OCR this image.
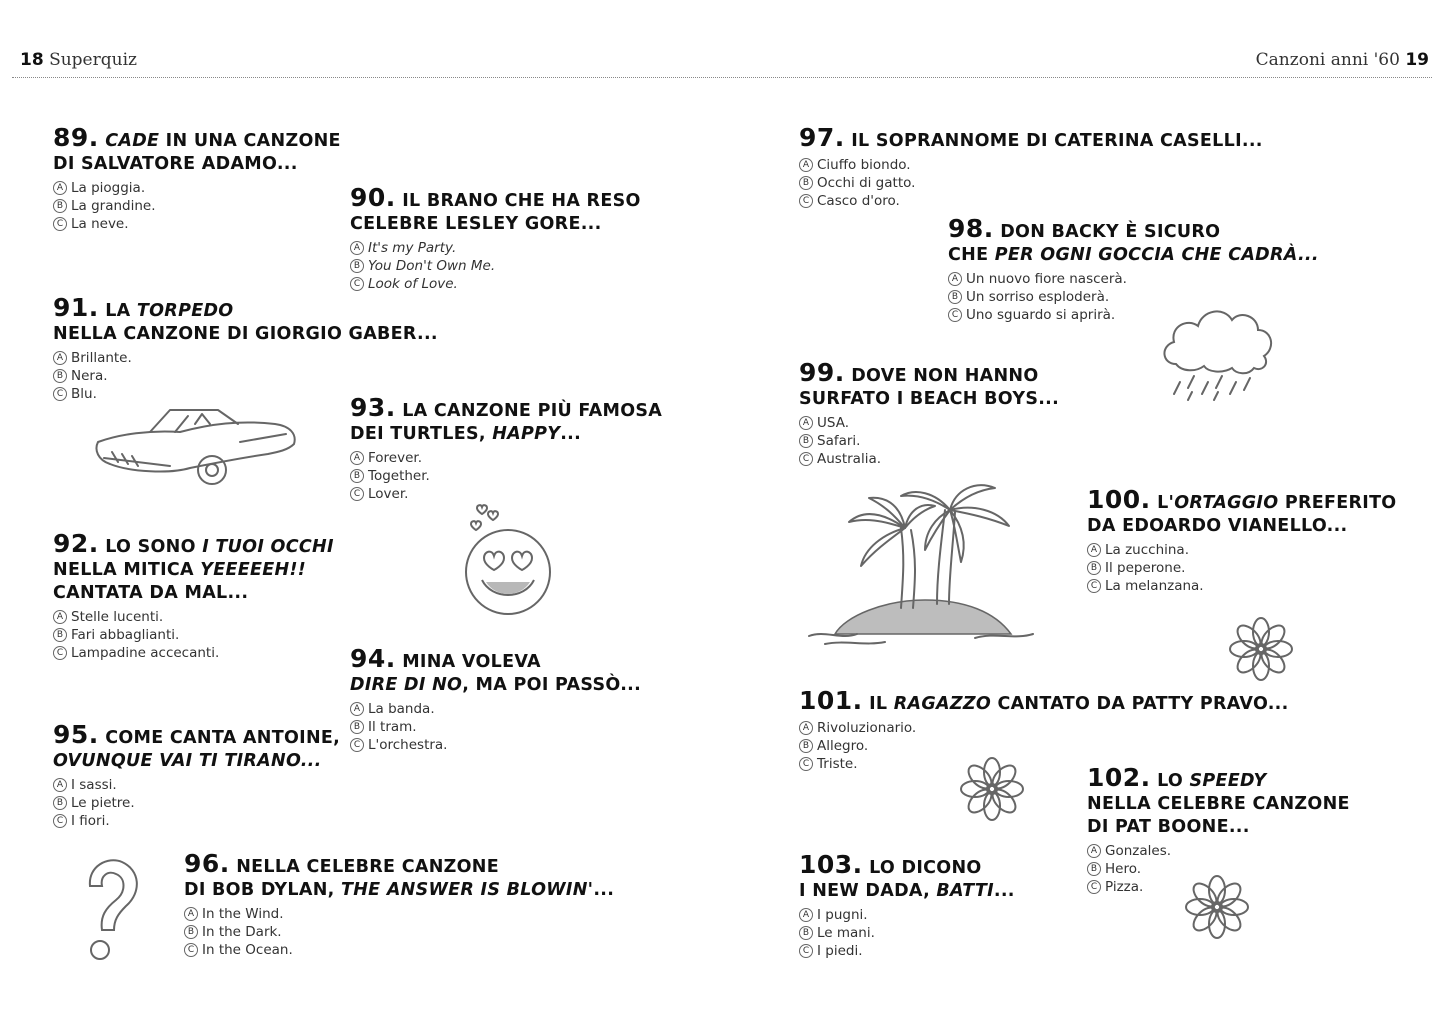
18 Superquiz	Canzoni anni '60 19

89. CADE IN UNA CANZONE
DI SALVATORE ADAMO...

A La pioggia.
B La grandine.
C La neve.

90. IL BRANO CHE HA RESO
CELEBRE LESLEY GORE...

A It's my Party.
B You Don't Own Me.
C Look of Love.

91. LA TORPEDO
NELLA CANZONE DI GIORGIO GABER...

A Brillante.
B Nera.
C Blu.	93. LA CANZONE PIÙ FAMOSA
DEI TURTLES, HAPPY...

A Forever.
B Together.
C Lover.

92. LO SONO I TUOI OCCHI
NELLA MITICA YEEEEEH!!
CANTATA DA MAL...

A Stelle lucenti.
B Fari abbaglianti.
C Lampadine accecanti.	94. MINA VOLEVA
DIRE DI NO, MA POI PASSÒ...

A La banda.
B Il tram.
C L'orchestra.

95. COME CANTA ANTOINE,
OVUNQUE VAI TI TIRANO...

A I sassi.
B Le pietre.
C I fiori.

96. NELLA CELEBRE CANZONE
DI BOB DYLAN, THE ANSWER IS BLOWIN'...

A In the Wind.
B In the Dark.
C In the Ocean.

97. IL SOPRANNOME DI CATERINA CASELLI...

A Ciuffo biondo.
B Occhi di gatto.
C Casco d'oro.

98. DON BACKY È SICURO
CHE PER OGNI GOCCIA CHE CADRÀ...

A Un nuovo fiore nascerà.
B Un sorriso esploderà.
C Uno sguardo si aprirà.

99. DOVE NON HANNO
SURFATO I BEACH BOYS...

A USA.
B Safari.
C Australia.

100. L'ORTAGGIO PREFERITO
DA EDOARDO VIANELLO...

A La zucchina.
B Il peperone.
C La melanzana.

101. IL RAGAZZO CANTATO DA PATTY PRAVO...

A Rivoluzionario.
B Allegro.
C Triste.	102. LO SPEEDY
NELLA CELEBRE CANZONE
DI PAT BOONE...

A Gonzales.
B Hero.
C Pizza.

103. LO DICONO
I NEW DADA, BATTI...

A I pugni.
B Le mani.
C I piedi.
